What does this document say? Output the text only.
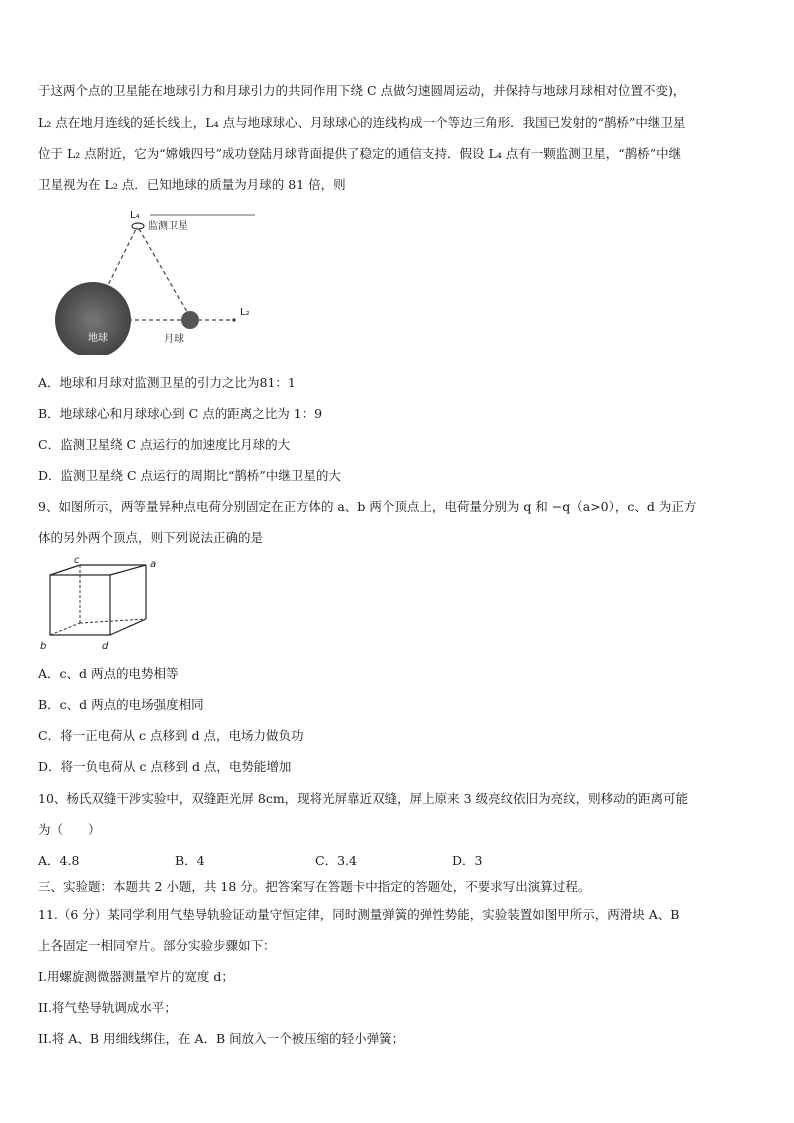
于这两个点的卫星能在地球引力和月球引力的共同作用下绕 C 点做匀速圆周运动，并保持与地球月球相对位置不变)，
L₂ 点在地月连线的延长线上，L₄ 点与地球球心、月球球心的连线构成一个等边三角形．我国已发射的“鹊桥”中继卫星
位于 L₂ 点附近，它为“嫦娥四号”成功登陆月球背面提供了稳定的通信支持．假设 L₄ 点有一颗监测卫星，“鹊桥”中继
卫星视为在 L₂ 点．已知地球的质量为月球的 81 倍，则
地球	月球
L₂
L₄
监测卫星
A．地球和月球对监测卫星的引力之比为81：1
B．地球球心和月球球心到 C 点的距离之比为 1：9
C．监测卫星绕 C 点运行的加速度比月球的大
D．监测卫星绕 C 点运行的周期比“鹊桥”中继卫星的大
9、如图所示，两等量异种点电荷分别固定在正方体的 a、b 两个顶点上，电荷量分别为 q 和 −q（a>0），c、d 为正方
体的另外两个顶点，则下列说法正确的是
c	a
b	d
A．c、d 两点的电势相等
B．c、d 两点的电场强度相同
C．将一正电荷从 c 点移到 d 点，电场力做负功
D．将一负电荷从 c 点移到 d 点，电势能增加
10、杨氏双缝干涉实验中，双缝距光屏 8cm，现将光屏靠近双缝，屏上原来 3 级亮纹依旧为亮纹，则移动的距离可能
为（　　）
A．4.8	B．4	C．3.4	D．3
三、实验题：本题共 2 小题，共 18 分。把答案写在答题卡中指定的答题处，不要求写出演算过程。
11.（6 分）某同学利用气垫导轨验证动量守恒定律，同时测量弹簧的弹性势能，实验装置如图甲所示，两滑块 A、B
上各固定一相同窄片。部分实验步骤如下：
I.用螺旋测微器测量窄片的宽度 d；
II.将气垫导轨调成水平；
II.将 A、B 用细线绑住，在 A．B 间放入一个被压缩的轻小弹簧；
